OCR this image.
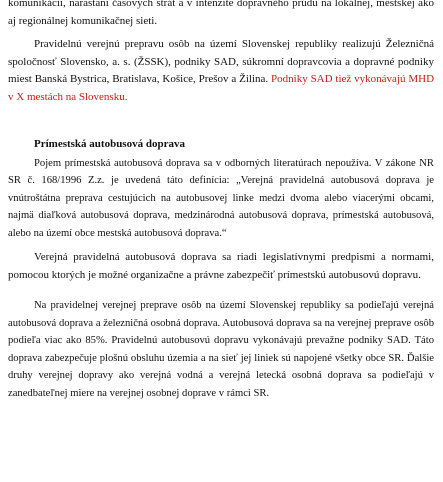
komunikácii, narastaní časových strát a v intenzite dopravného prúdu na lokálnej, mestskej ako aj regionálnej komunikačnej sieti.

Pravidelnú verejnú prepravu osôb na území Slovenskej republiky realizujú Železničná spoločnosť Slovensko, a. s. (ŽSSK), podniky SAD, súkromní dopravcovia a dopravné podniky miest Banská Bystrica, Bratislava, Košice, Prešov a Žilina. Podniky SAD tiež vykonávajú MHD v X mestách na Slovensku.

Prímestská autobusová doprava

Pojem prímestská autobusová doprava sa v odborných literatúrach nepoužíva. V zákone NR SR č. 168/1996 Z.z. je uvedená táto definícia: „Verejná pravidelná autobusová doprava je vnútroštátna preprava cestujúcich na autobusovej linke medzi dvoma alebo viacerými obcami, najmä diaľková autobusová doprava, medzinárodná autobusová doprava, prímestská autobusová, alebo na území obce mestská autobusová doprava.“

Verejná pravidelná autobusová doprava sa riadi legislatívnymi predpismi a normami, pomocou ktorých je možné organizačne a právne zabezpečiť prímestskú autobusovú dopravu.

Na pravidelnej verejnej preprave osôb na území Slovenskej republiky sa podieľajú verejná autobusová doprava a železničná osobná doprava. Autobusová doprava sa na verejnej preprave osôb podieľa viac ako 85%. Pravidelnú autobusovú dopravu vykonávajú prevažne podniky SAD. Táto doprava zabezpečuje plošnú obsluhu územia a na sieť jej liniek sú napojené všetky obce SR. Ďalšie druhy verejnej dopravy ako verejná vodná a verejná letecká osobná doprava sa podieľajú v zanedbateľnej miere na verejnej osobnej doprave v rámci SR.
